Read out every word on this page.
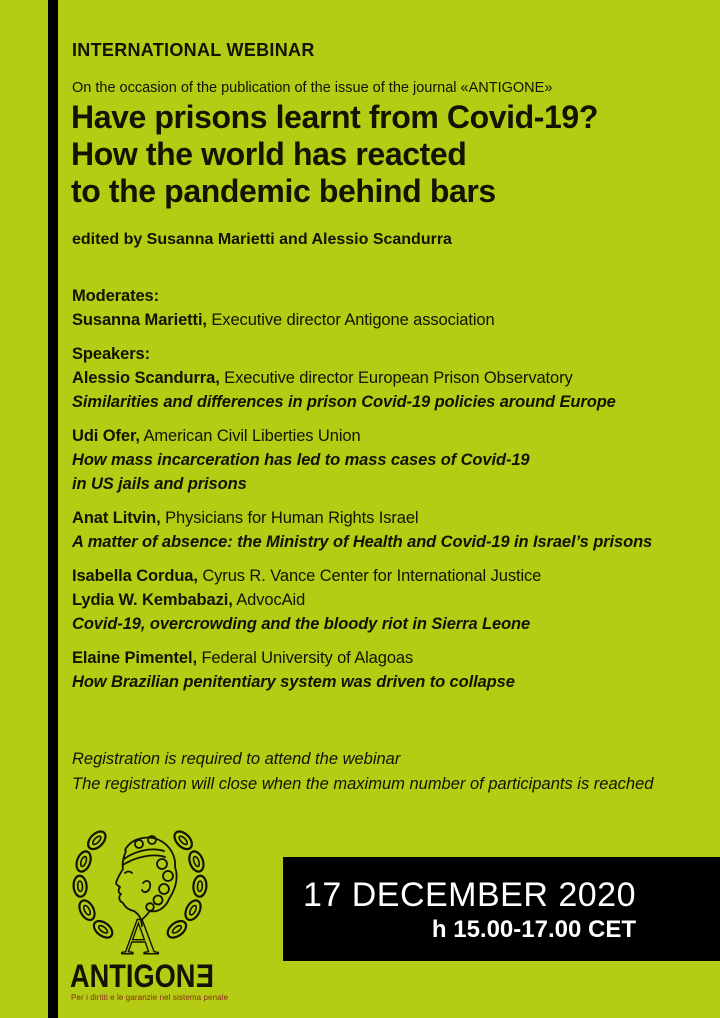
INTERNATIONAL WEBINAR
On the occasion of the publication of the issue of the journal «ANTIGONE»
Have prisons learnt from Covid-19?
How the world has reacted
to the pandemic behind bars
edited by Susanna Marietti and Alessio Scandurra
Moderates:
Susanna Marietti, Executive director Antigone association
Speakers:
Alessio Scandurra, Executive director European Prison Observatory
Similarities and differences in prison Covid-19 policies around Europe
Udi Ofer, American Civil Liberties Union
How mass incarceration has led to mass cases of Covid-19
in US jails and prisons
Anat Litvin, Physicians for Human Rights Israel
A matter of absence: the Ministry of Health and Covid-19 in Israel’s prisons
Isabella Cordua, Cyrus R. Vance Center for International Justice
Lydia W. Kembabazi, AdvocAid
Covid-19, overcrowding and the bloody riot in Sierra Leone
Elaine Pimentel, Federal University of Alagoas
How Brazilian penitentiary system was driven to collapse
Registration is required to attend the webinar
The registration will close when the maximum number of participants is reached
A
ANTIGONE
Per i diritti e le garanzie nel sistema penale
17 DECEMBER 2020
h 15.00-17.00 CET
